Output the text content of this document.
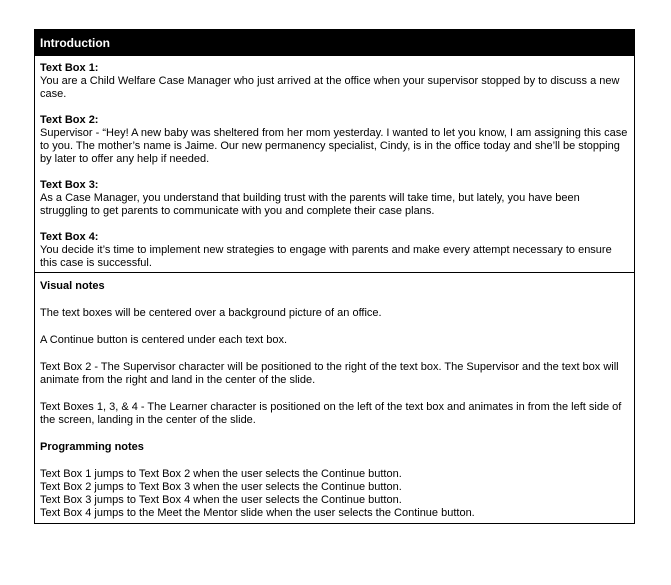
Introduction
Text Box 1:
You are a Child Welfare Case Manager who just arrived at the office when your supervisor stopped by to discuss a new case.
Text Box 2:
Supervisor - “Hey! A new baby was sheltered from her mom yesterday. I wanted to let you know, I am assigning this case to you. The mother’s name is Jaime. Our new permanency specialist, Cindy, is in the office today and she’ll be stopping by later to offer any help if needed.
Text Box 3:
As a Case Manager, you understand that building trust with the parents will take time, but lately, you have been struggling to get parents to communicate with you and complete their case plans.
Text Box 4:
You decide it’s time to implement new strategies to engage with parents and make every attempt necessary to ensure this case is successful.
Visual notes
The text boxes will be centered over a background picture of an office.
A Continue button is centered under each text box.
Text Box 2 - The Supervisor character will be positioned to the right of the text box. The Supervisor and the text box will animate from the right and land in the center of the slide.
Text Boxes 1, 3, & 4 - The Learner character is positioned on the left of the text box and animates in from the left side of the screen, landing in the center of the slide.
Programming notes
Text Box 1 jumps to Text Box 2 when the user selects the Continue button.
Text Box 2 jumps to Text Box 3 when the user selects the Continue button.
Text Box 3 jumps to Text Box 4 when the user selects the Continue button.
Text Box 4 jumps to the Meet the Mentor slide when the user selects the Continue button.
